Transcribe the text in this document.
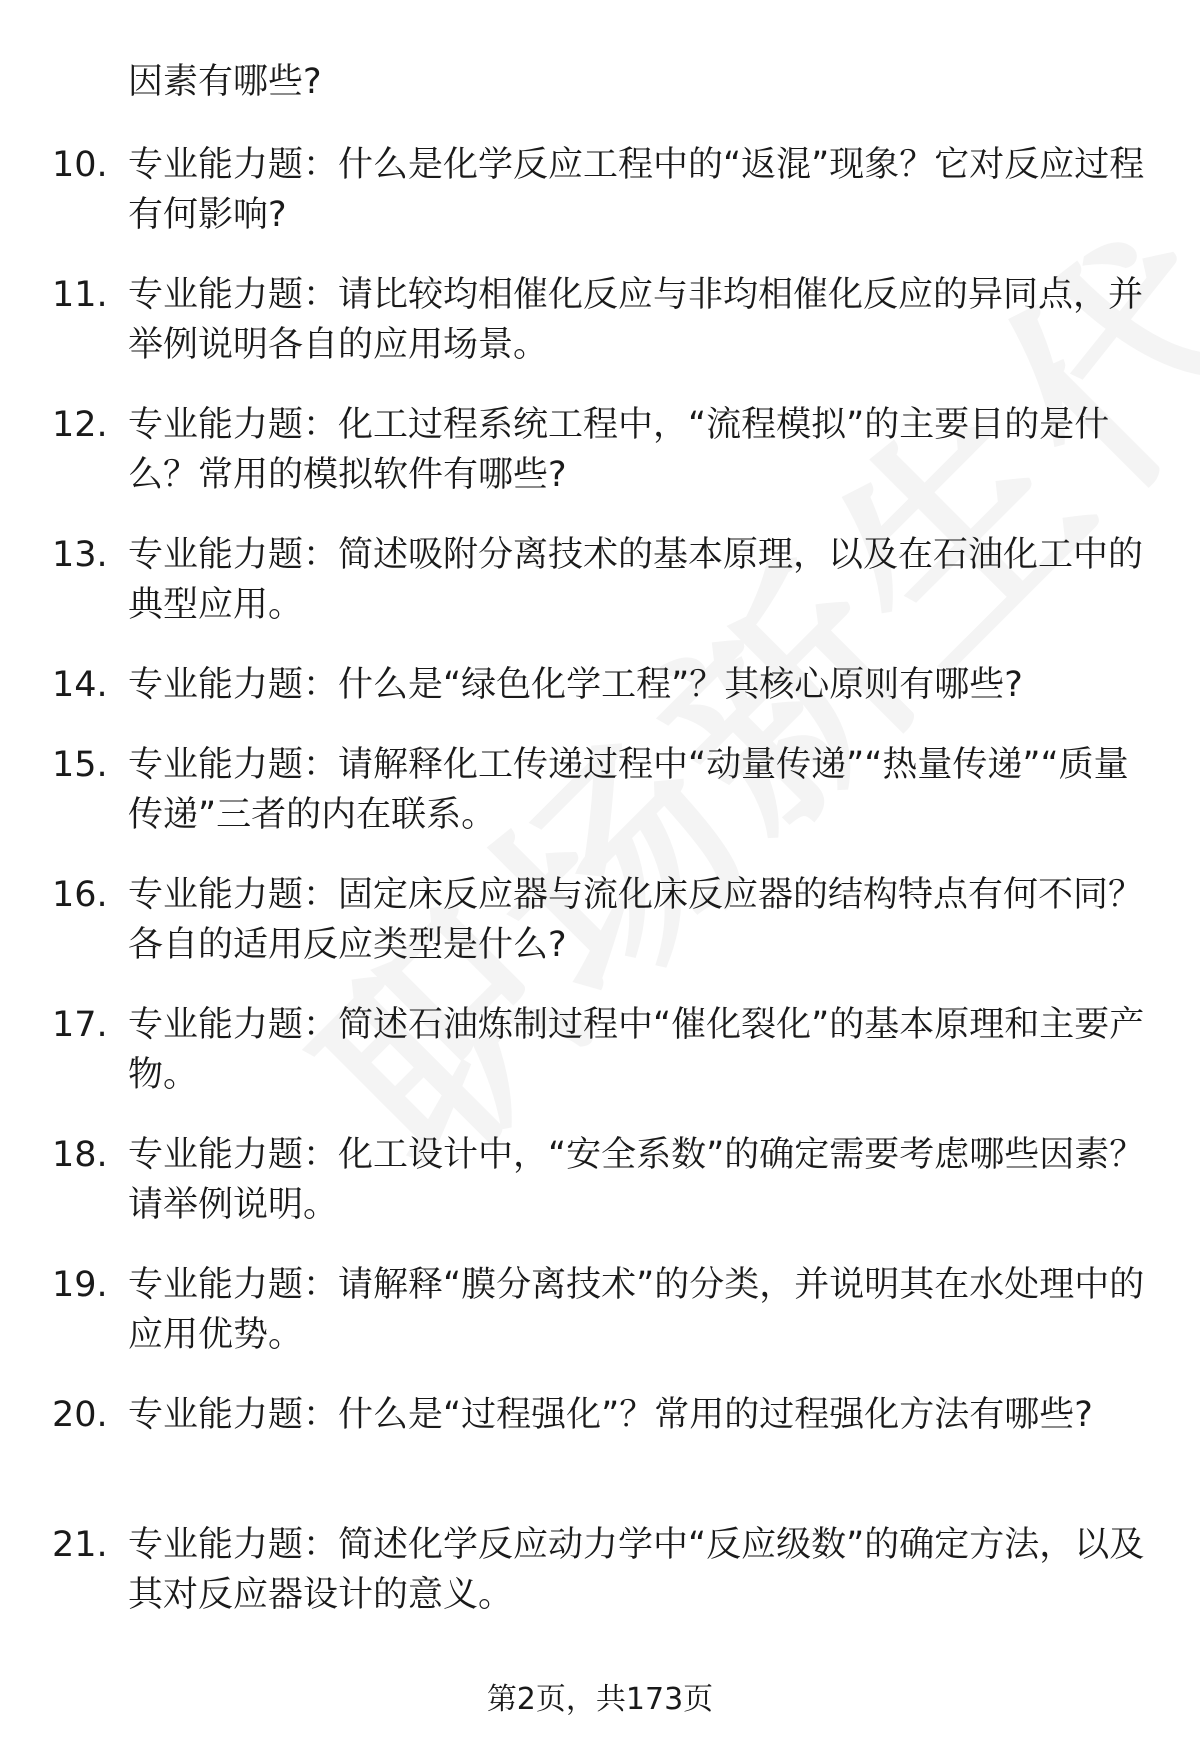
因素有哪些?
10. 专业能力题：什么是化学反应工程中的“返混”现象？它对反应过程有何影响?
11. 专业能力题：请比较均相催化反应与非均相催化反应的异同点，并举例说明各自的应用场景。
12. 专业能力题：化工过程系统工程中，“流程模拟”的主要目的是什么？常用的模拟软件有哪些?
13. 专业能力题：简述吸附分离技术的基本原理，以及在石油化工中的典型应用。
14. 专业能力题：什么是“绿色化学工程”？其核心原则有哪些?
15. 专业能力题：请解释化工传递过程中“动量传递”“热量传递”“质量传递”三者的内在联系。
16. 专业能力题：固定床反应器与流化床反应器的结构特点有何不同？各自的适用反应类型是什么?
17. 专业能力题：简述石油炼制过程中“催化裂化”的基本原理和主要产物。
18. 专业能力题：化工设计中，“安全系数”的确定需要考虑哪些因素？请举例说明。
19. 专业能力题：请解释“膜分离技术”的分类，并说明其在水处理中的应用优势。
20. 专业能力题：什么是“过程强化”？常用的过程强化方法有哪些?
21. 专业能力题：简述化学反应动力学中“反应级数”的确定方法，以及其对反应器设计的意义。
第2页，共173页
